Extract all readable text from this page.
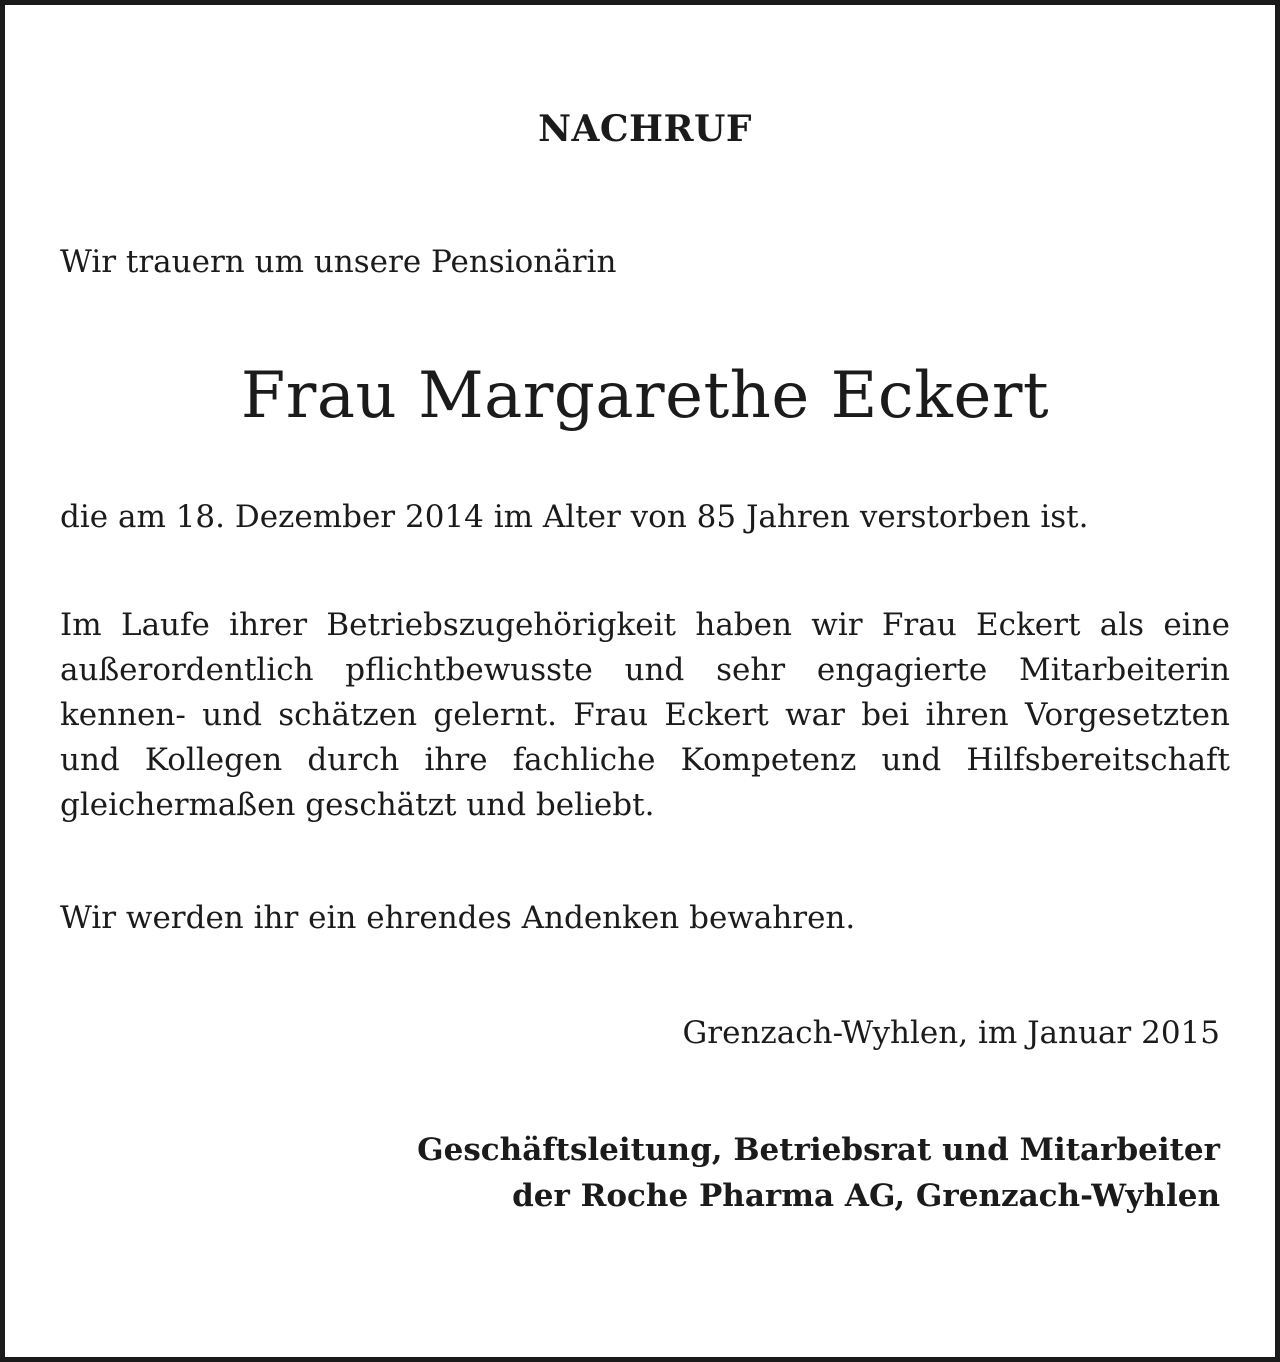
NACHRUF
Wir trauern um unsere Pensionärin
Frau Margarethe Eckert
die am 18. Dezember 2014 im Alter von 85 Jahren verstorben ist.
Im Laufe ihrer Betriebszugehörigkeit haben wir Frau Eckert als eine außerordentlich pflichtbewusste und sehr engagierte Mitarbeiterin kennen- und schätzen gelernt. Frau Eckert war bei ihren Vorgesetzten und Kollegen durch ihre fachliche Kompetenz und Hilfsbereitschaft gleichermaßen geschätzt und beliebt.
Wir werden ihr ein ehrendes Andenken bewahren.
Grenzach-Wyhlen, im Januar 2015
Geschäftsleitung, Betriebsrat und Mitarbeiter
der Roche Pharma AG, Grenzach-Wyhlen
